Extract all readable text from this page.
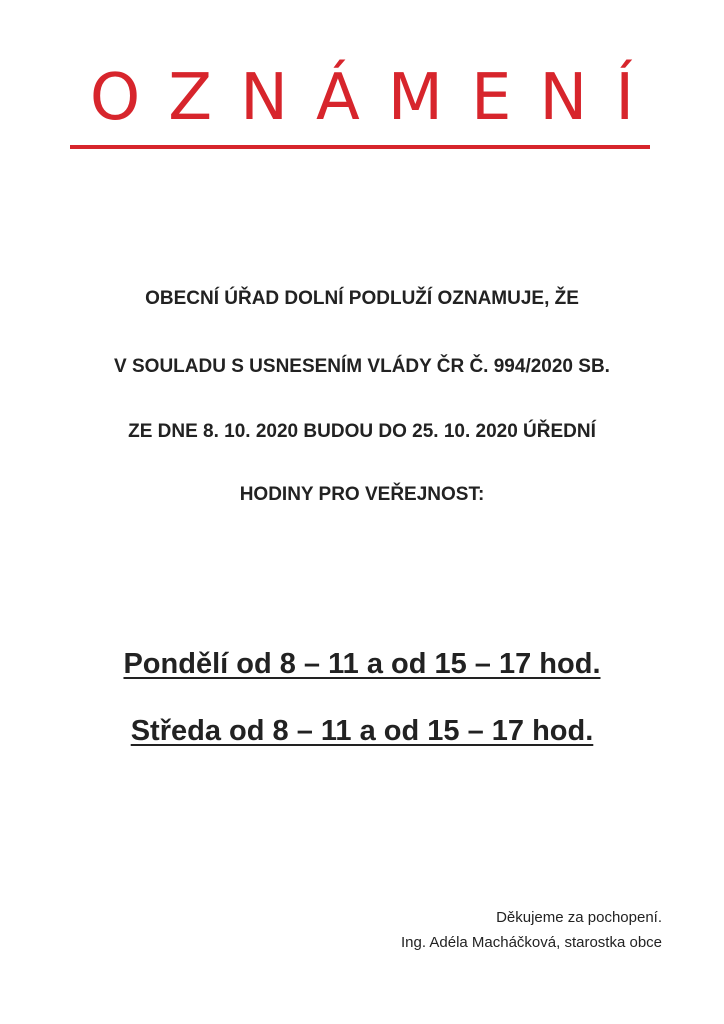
OZNÁMENÍ

OBECNÍ ÚŘAD DOLNÍ PODLUŽÍ OZNAMUJE, ŽE

V SOULADU S USNESENÍM VLÁDY ČR Č. 994/2020 SB.

ZE DNE 8. 10. 2020 BUDOU DO 25. 10. 2020 ÚŘEDNÍ

HODINY PRO VEŘEJNOST:

Pondělí od 8 – 11 a od 15 – 17 hod.

Středa od 8 – 11 a od 15 – 17 hod.

Děkujeme za pochopení.

Ing. Adéla Macháčková, starostka obce
